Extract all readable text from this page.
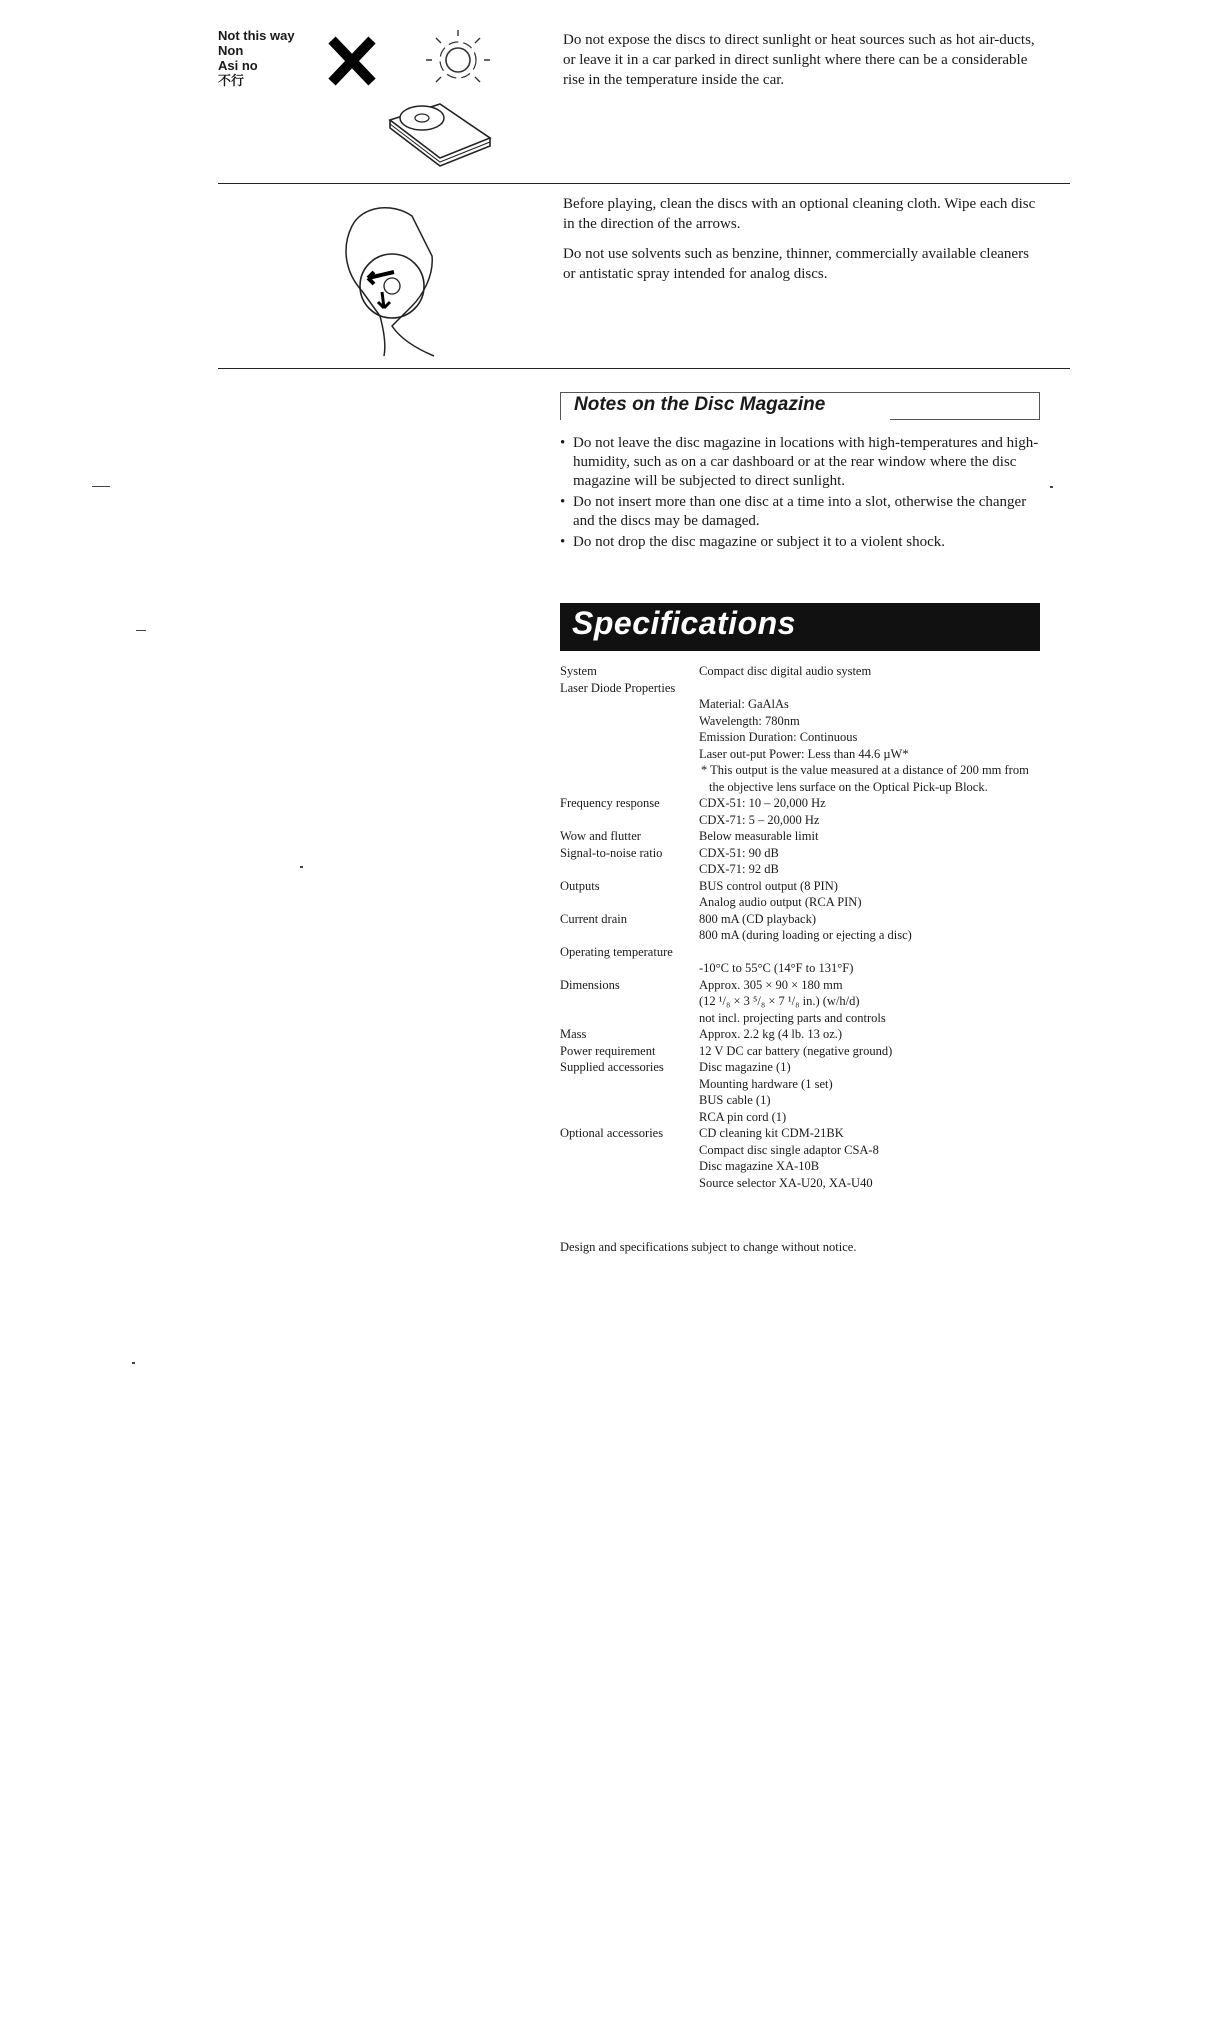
Not this way
Non
Asi no
不行

Do not expose the discs to direct sunlight or heat sources such as hot air-ducts, or leave it in a car parked in direct sunlight where there can be a considerable rise in the temperature inside the car.

Before playing, clean the discs with an optional cleaning cloth. Wipe each disc in the direction of the arrows.

Do not use solvents such as benzine, thinner, commercially available cleaners or antistatic spray intended for analog discs.

Notes on the Disc Magazine
• Do not leave the disc magazine in locations with high-temperatures and high-humidity, such as on a car dashboard or at the rear window where the disc magazine will be subjected to direct sunlight.
• Do not insert more than one disc at a time into a slot, otherwise the changer and the discs may be damaged.
• Do not drop the disc magazine or subject it to a violent shock.
Specifications
System	Compact disc digital audio system
Laser Diode Properties
Material: GaAlAs
Wavelength: 780nm
Emission Duration: Continuous
Laser out-put Power: Less than 44.6 µW*
* This output is the value measured at a distance of 200 mm from the objective lens surface on the Optical Pick-up Block.
Frequency response	CDX-51: 10 – 20,000 Hz
CDX-71: 5 – 20,000 Hz
Wow and flutter	Below measurable limit
Signal-to-noise ratio	CDX-51: 90 dB
CDX-71: 92 dB
Outputs	BUS control output (8 PIN)
Analog audio output (RCA PIN)
Current drain	800 mA (CD playback)
800 mA (during loading or ejecting a disc)
Operating temperature
-10°C to 55°C (14°F to 131°F)
Dimensions	Approx. 305 × 90 × 180 mm
(12 ¹/₈ × 3 ⁵/₈ × 7 ¹/₈ in.) (w/h/d)
not incl. projecting parts and controls
Mass	Approx. 2.2 kg (4 lb. 13 oz.)
Power requirement	12 V DC car battery (negative ground)
Supplied accessories	Disc magazine (1)
Mounting hardware (1 set)
BUS cable (1)
RCA pin cord (1)
Optional accessories	CD cleaning kit CDM-21BK
Compact disc single adaptor CSA-8
Disc magazine XA-10B
Source selector XA-U20, XA-U40
Design and specifications subject to change without notice.
